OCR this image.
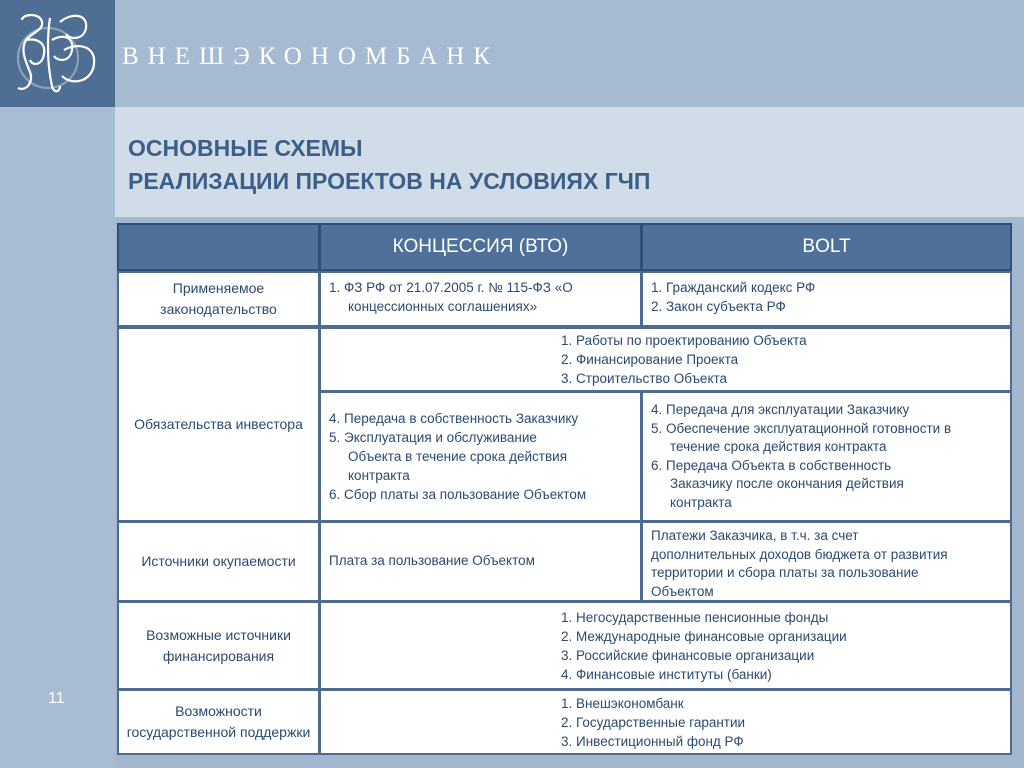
ВНЕШЭКОНОМБАНК
ОСНОВНЫЕ СХЕМЫ
РЕАЛИЗАЦИИ ПРОЕКТОВ НА УСЛОВИЯХ ГЧП
11
КОНЦЕССИЯ (ВТО)	BOLT
Применяемое законодательство
1. ФЗ РФ от 21.07.2005 г. № 115-ФЗ «О
концессионных соглашениях»
1. Гражданский кодекс РФ
2. Закон субъекта РФ
Обязательства инвестора
1. Работы по проектированию Объекта
2. Финансирование Проекта
3. Строительство Объекта
4. Передача в собственность Заказчику
5. Эксплуатация и обслуживание
Объекта в течение срока действия
контракта
6. Сбор платы за пользование Объектом
4. Передача для эксплуатации Заказчику
5. Обеспечение эксплуатационной готовности в
течение срока действия контракта
6. Передача Объекта в собственность
Заказчику после окончания действия
контракта
Источники окупаемости	Плата за пользование Объектом
Платежи Заказчика, в т.ч. за счет
дополнительных доходов бюджета от развития
территории и сбора платы за пользование
Объектом
Возможные источники финансирования
1. Негосударственные пенсионные фонды
2. Международные финансовые организации
3. Российские финансовые организации
4. Финансовые институты (банки)
Возможности государственной поддержки
1. Внешэкономбанк
2. Государственные гарантии
3. Инвестиционный фонд РФ
